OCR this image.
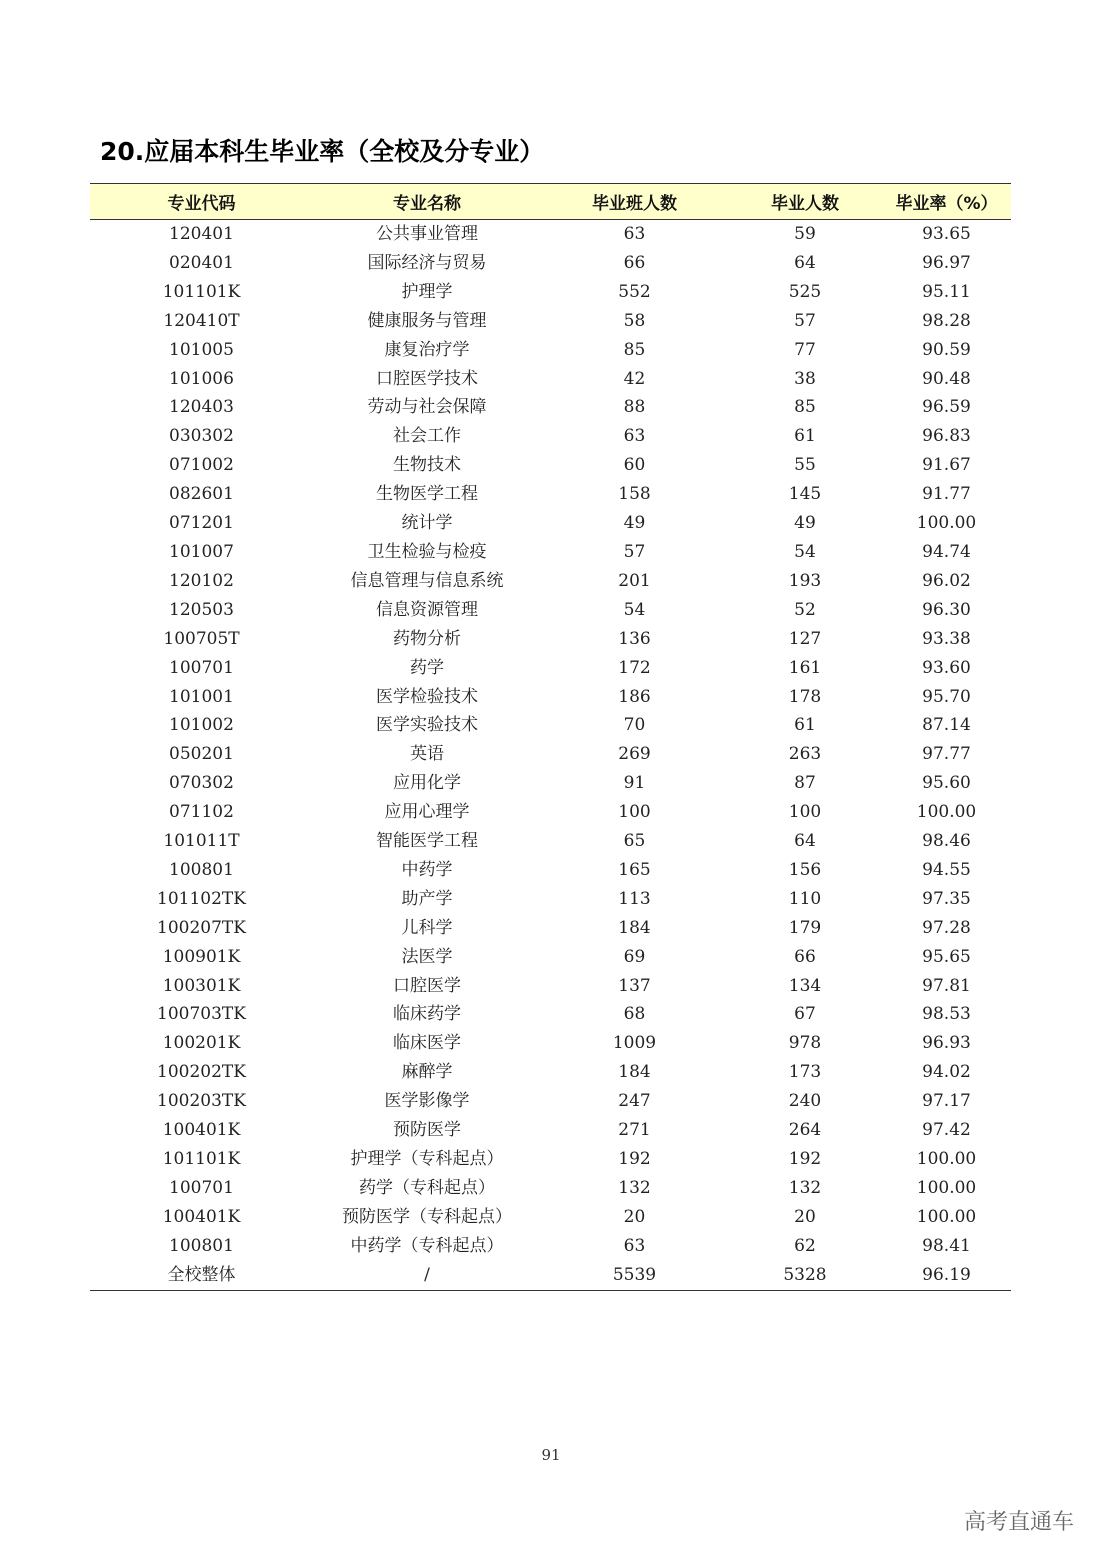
20.应届本科生毕业率（全校及分专业）
专业代码	专业名称	毕业班人数	毕业人数	毕业率（%）
120401	公共事业管理	63	59	93.65
020401	国际经济与贸易	66	64	96.97
101101K	护理学	552	525	95.11
120410T	健康服务与管理	58	57	98.28
101005	康复治疗学	85	77	90.59
101006	口腔医学技术	42	38	90.48
120403	劳动与社会保障	88	85	96.59
030302	社会工作	63	61	96.83
071002	生物技术	60	55	91.67
082601	生物医学工程	158	145	91.77
071201	统计学	49	49	100.00
101007	卫生检验与检疫	57	54	94.74
120102	信息管理与信息系统	201	193	96.02
120503	信息资源管理	54	52	96.30
100705T	药物分析	136	127	93.38
100701	药学	172	161	93.60
101001	医学检验技术	186	178	95.70
101002	医学实验技术	70	61	87.14
050201	英语	269	263	97.77
070302	应用化学	91	87	95.60
071102	应用心理学	100	100	100.00
101011T	智能医学工程	65	64	98.46
100801	中药学	165	156	94.55
101102TK	助产学	113	110	97.35
100207TK	儿科学	184	179	97.28
100901K	法医学	69	66	95.65
100301K	口腔医学	137	134	97.81
100703TK	临床药学	68	67	98.53
100201K	临床医学	1009	978	96.93
100202TK	麻醉学	184	173	94.02
100203TK	医学影像学	247	240	97.17
100401K	预防医学	271	264	97.42
101101K	护理学（专科起点）	192	192	100.00
100701	药学（专科起点）	132	132	100.00
100401K	预防医学（专科起点）	20	20	100.00
100801	中药学（专科起点）	63	62	98.41
全校整体	/	5539	5328	96.19
91
高考直通车
